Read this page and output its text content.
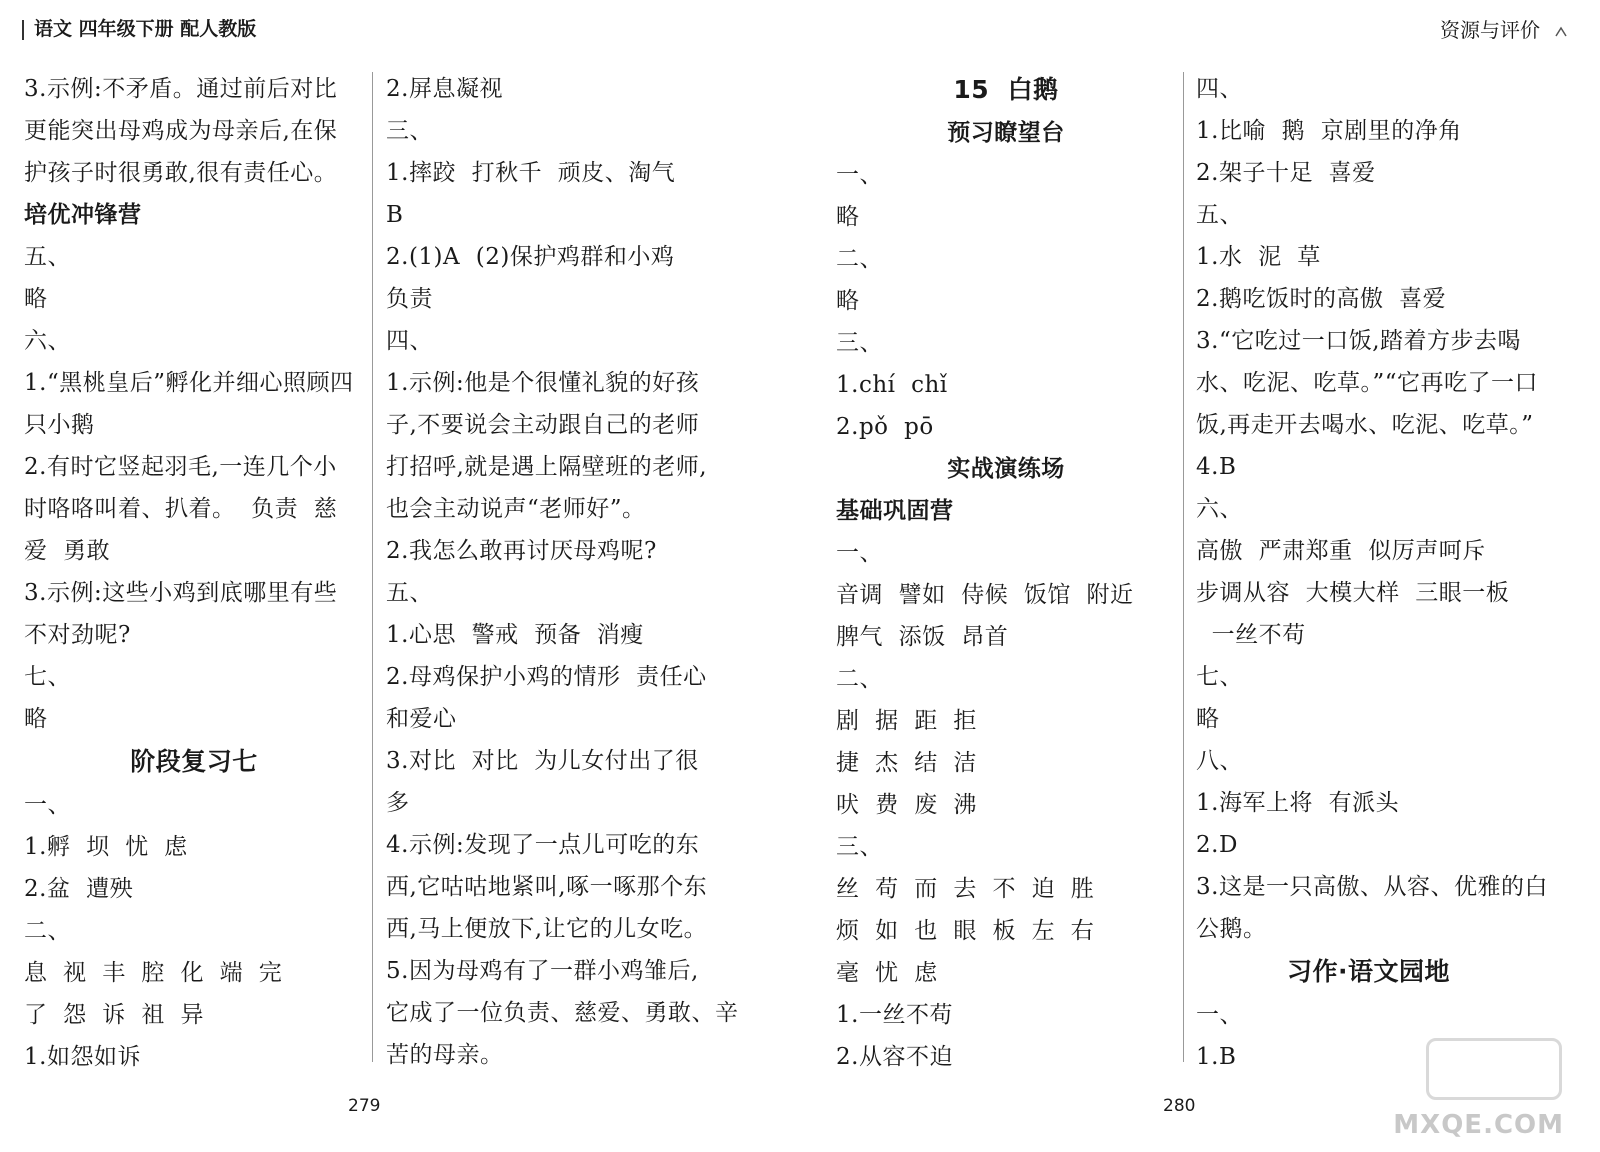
语文 四年级下册 配人教版	资源与评价
3.示例:不矛盾。通过前后对比
更能突出母鸡成为母亲后,在保
护孩子时很勇敢,很有责任心。
培优冲锋营
五、
略
六、
1.“黑桃皇后”孵化并细心照顾四
只小鹅
2.有时它竖起羽毛,一连几个小
时咯咯叫着、扒着。  负责  慈
爱  勇敢
3.示例:这些小鸡到底哪里有些
不对劲呢?
七、
略
阶段复习七
一、
1.孵  坝  忧  虑
2.盆  遭殃
二、
息  视  丰  腔  化  端  完
了  怨  诉  祖  异
1.如怨如诉
2.屏息凝视
三、
1.摔跤  打秋千  顽皮、淘气
B
2.(1)A  (2)保护鸡群和小鸡
负责
四、
1.示例:他是个很懂礼貌的好孩
子,不要说会主动跟自己的老师
打招呼,就是遇上隔壁班的老师,
也会主动说声“老师好”。
2.我怎么敢再讨厌母鸡呢?
五、
1.心思  警戒  预备  消瘦
2.母鸡保护小鸡的情形  责任心
和爱心
3.对比  对比  为儿女付出了很
多
4.示例:发现了一点儿可吃的东
西,它咕咕地紧叫,啄一啄那个东
西,马上便放下,让它的儿女吃。
5.因为母鸡有了一群小鸡雏后,
它成了一位负责、慈爱、勇敢、辛
苦的母亲。
15  白鹅
预习瞭望台
一、
略
二、
略
三、
1.chí  chǐ
2.pǒ  pō
实战演练场
基础巩固营
一、
音调  譬如  侍候  饭馆  附近
脾气  添饭  昂首
二、
剧  据  距  拒
捷  杰  结  洁
吠  费  废  沸
三、
丝  苟  而  去  不  迫  胜
烦  如  也  眼  板  左  右
毫  忧  虑
1.一丝不苟
2.从容不迫
四、
1.比喻  鹅  京剧里的净角
2.架子十足  喜爱
五、
1.水  泥  草
2.鹅吃饭时的高傲  喜爱
3.“它吃过一口饭,踏着方步去喝
水、吃泥、吃草。”“它再吃了一口
饭,再走开去喝水、吃泥、吃草。”
4.B
六、
高傲  严肃郑重  似厉声呵斥
步调从容  大模大样  三眼一板
一丝不苟
七、
略
八、
1.海军上将  有派头
2.D
3.这是一只高傲、从容、优雅的白
公鹅。
习作·语文园地
一、
1.B
279	280
MXQE.COM
